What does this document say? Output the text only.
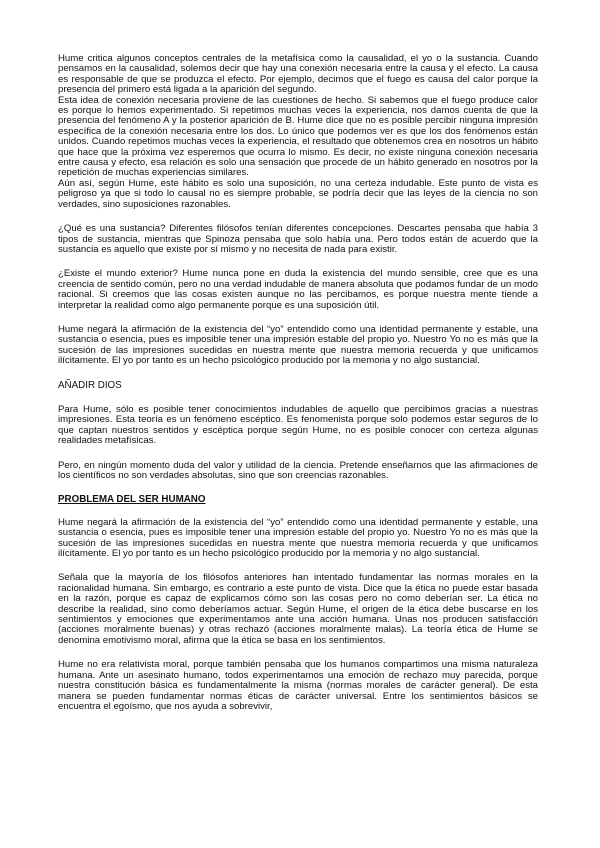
Hume critica algunos conceptos centrales de la metafísica como la causalidad, el yo o la sustancia. Cuando pensamos en la causalidad, solemos decir que hay una conexión necesaria entre la causa y el efecto. La causa es responsable de que se produzca el efecto. Por ejemplo, decimos que el fuego es causa del calor porque la presencia del primero está ligada a la aparición del segundo.

Esta idea de conexión necesaria proviene de las cuestiones de hecho. Si sabemos que el fuego produce calor es porque lo hemos experimentado. Si repetimos muchas veces la experiencia, nos damos cuenta de que la presencia del fenómeno A y la posterior aparición de B. Hume dice que no es posible percibir ninguna impresión específica de la conexión necesaria entre los dos. Lo único que podemos ver es que los dos fenómenos están unidos. Cuando repetimos muchas veces la experiencia, el resultado que obtenemos crea en nosotros un hábito que hace que la próxima vez esperemos que ocurra lo mismo. Es decir, no existe ninguna conexión necesaria entre causa y efecto, esa relación es solo una sensación que procede de un hábito generado en nosotros por la repetición de muchas experiencias similares.

Aún así, según Hume, este hábito es solo una suposición, no una certeza indudable. Este punto de vista es peligroso ya que si todo lo causal no es siempre probable, se podría decir que las leyes de la ciencia no son verdades, sino suposiciones razonables.

¿Qué es una sustancia? Diferentes filósofos tenían diferentes concepciones. Descartes pensaba que había 3 tipos de sustancia, mientras que Spinoza pensaba que solo había una. Pero todos están de acuerdo que la sustancia es aquello que existe por sí mismo y no necesita de nada para existir.

¿Existe el mundo exterior? Hume nunca pone en duda la existencia del mundo sensible, cree que es una creencia de sentido común, pero no una verdad indudable de manera absoluta que podamos fundar de un modo racional. Si creemos que las cosas existen aunque no las percibamos, es porque nuestra mente tiende a interpretar la realidad como algo permanente porque es una suposición útil.

Hume negará la afirmación de la existencia del “yo” entendido como una identidad permanente y estable, una sustancia o esencia, pues es imposible tener una impresión estable del propio yo. Nuestro Yo no es más que la sucesión de las impresiones sucedidas en nuestra mente que nuestra memoria recuerda y que unificamos ilícitamente. El yo por tanto es un hecho psicológico producido por la memoria y no algo sustancial.

AÑADIR DIOS

Para Hume, sólo es posible tener conocimientos indudables de aquello que percibimos gracias a nuestras impresiones. Esta teoría es un fenómeno escéptico. Es fenomenista porque solo podemos estar seguros de lo que captan nuestros sentidos y escéptica porque según Hume, no es posible conocer con certeza algunas realidades metafísicas.

Pero, en ningún momento duda del valor y utilidad de la ciencia. Pretende enseñarnos que las afirmaciones de los científicos no son verdades absolutas, sino que son creencias razonables.

PROBLEMA DEL SER HUMANO

Hume negará la afirmación de la existencia del “yo” entendido como una identidad permanente y estable, una sustancia o esencia, pues es imposible tener una impresión estable del propio yo. Nuestro Yo no es más que la sucesión de las impresiones sucedidas en nuestra mente que nuestra memoria recuerda y que unificamos ilícitamente. El yo por tanto es un hecho psicológico producido por la memoria y no algo sustancial.

Señala que la mayoría de los filósofos anteriores han intentado fundamentar las normas morales en la racionalidad humana. Sin embargo, es contrario a este punto de vista. Dice que la ética no puede estar basada en la razón, porque es capaz de explicarnos cómo son las cosas pero no como deberían ser. La ética no describe la realidad, sino como deberíamos actuar. Según Hume, el origen de la ética debe buscarse en los sentimientos y emociones que experimentamos ante una acción humana. Unas nos producen satisfacción (acciones moralmente buenas) y otras rechazó (acciones moralmente malas). La teoría ética de Hume se denomina emotivismo moral, afirma que la ética se basa en los sentimientos.

Hume no era relativista moral, porque también pensaba que los humanos compartimos una misma naturaleza humana. Ante un asesinato humano, todos experimentamos una emoción de rechazo muy parecida, porque nuestra constitución básica es fundamentalmente la misma (normas morales de carácter general). De esta manera se pueden fundamentar normas éticas de carácter universal. Entre los sentimientos básicos se encuentra el egoísmo, que nos ayuda a sobrevivir,
